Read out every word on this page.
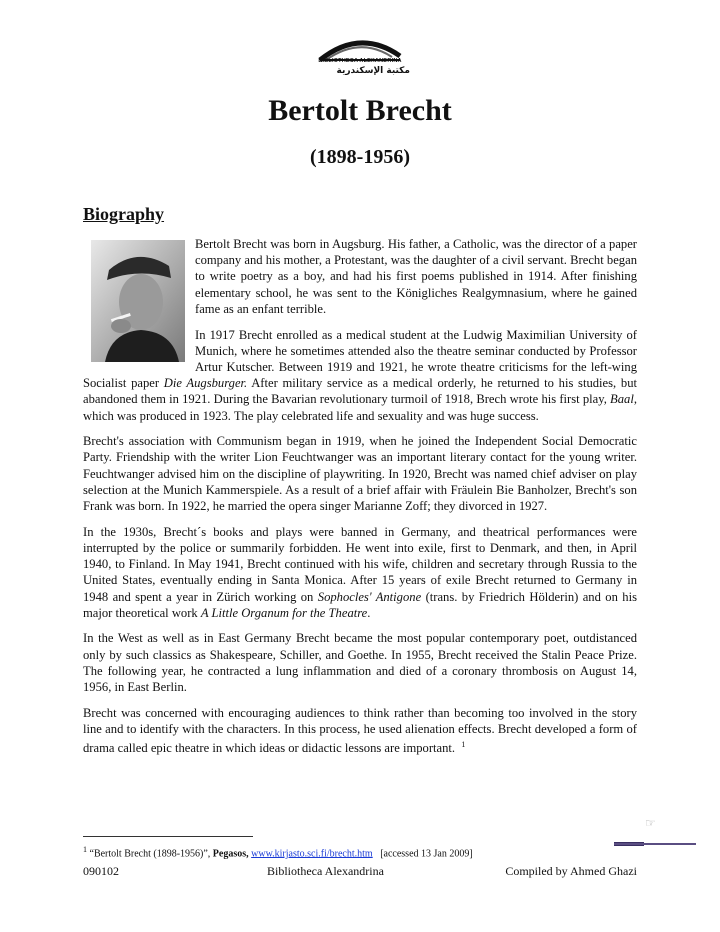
BIBLIOTHECA ALEXANDRINA
مكتبة الإسكندرية
Bertolt Brecht
(1898-1956)
Biography

Bertolt Brecht was born in Augsburg. His father, a Catholic, was the director of a paper company and his mother, a Protestant, was the daughter of a civil servant. Brecht began to write poetry as a boy, and had his first poems published in 1914. After finishing elementary school, he was sent to the Königliches Realgymnasium, where he gained fame as an enfant terrible.

In 1917 Brecht enrolled as a medical student at the Ludwig Maximilian University of Munich, where he sometimes attended also the theatre seminar conducted by Professor Artur Kutscher. Between 1919 and 1921, he wrote theatre criticisms for the left-wing Socialist paper Die Augsburger. After military service as a medical orderly, he returned to his studies, but abandoned them in 1921. During the Bavarian revolutionary turmoil of 1918, Brech wrote his first play, Baal, which was produced in 1923. The play celebrated life and sexuality and was huge success.

Brecht's association with Communism began in 1919, when he joined the Independent Social Democratic Party. Friendship with the writer Lion Feuchtwanger was an important literary contact for the young writer. Feuchtwanger advised him on the discipline of playwriting. In 1920, Brecht was named chief adviser on play selection at the Munich Kammerspiele. As a result of a brief affair with Fräulein Bie Banholzer, Brecht's son Frank was born. In 1922, he married the opera singer Marianne Zoff; they divorced in 1927.

In the 1930s, Brecht´s books and plays were banned in Germany, and theatrical performances were interrupted by the police or summarily forbidden. He went into exile, first to Denmark, and then, in April 1940, to Finland. In May 1941, Brecht continued with his wife, children and secretary through Russia to the United States, eventually ending in Santa Monica. After 15 years of exile Brecht returned to Germany in 1948 and spent a year in Zürich working on Sophocles' Antigone (trans. by Friedrich Hölderin) and on his major theoretical work A Little Organum for the Theatre.

In the West as well as in East Germany Brecht became the most popular contemporary poet, outdistanced only by such classics as Shakespeare, Schiller, and Goethe. In 1955, Brecht received the Stalin Peace Prize. The following year, he contracted a lung inflammation and died of a coronary thrombosis on August 14, 1956, in East Berlin.

Brecht was concerned with encouraging audiences to think rather than becoming too involved in the story line and to identify with the characters. In this process, he used alienation effects. Brecht developed a form of drama called epic theatre in which ideas or didactic lessons are important. $^1$

☞
$^1$ “Bertolt Brecht (1898-1956)”, Pegasos, www.kirjasto.sci.fi/brecht.htm [accessed 13 Jan 2009]
090102	Bibliotheca Alexandrina	Compiled by Ahmed Ghazi
